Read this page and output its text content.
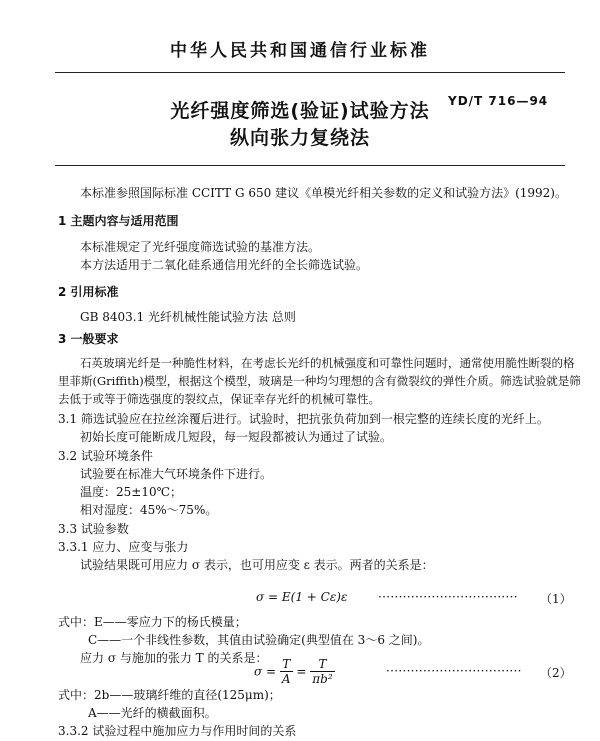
中华人民共和国通信行业标准
光纤强度筛选(验证)试验方法
纵向张力复绕法
YD/T 716—94
本标准参照国际标准 CCITT G 650 建议《单模光纤相关参数的定义和试验方法》(1992)。
1 主题内容与适用范围
本标准规定了光纤强度筛选试验的基准方法。
本方法适用于二氧化硅系通信用光纤的全长筛选试验。
2 引用标准
GB 8403.1 光纤机械性能试验方法 总则
3 一般要求
石英玻璃光纤是一种脆性材料，在考虑长光纤的机械强度和可靠性问题时，通常使用脆性断裂的格
里菲斯(Griffith)模型，根据这个模型，玻璃是一种均匀理想的含有微裂纹的弹性介质。筛选试验就是筛
去低于或等于筛选强度的裂纹点，保证幸存光纤的机械可靠性。
3.1 筛选试验应在拉丝涂覆后进行。试验时，把抗张负荷加到一根完整的连续长度的光纤上。
初始长度可能断成几短段，每一短段都被认为通过了试验。
3.2 试验环境条件
试验要在标准大气环境条件下进行。
温度：25±10℃；
相对湿度：45%～75%。
3.3 试验参数
3.3.1 应力、应变与张力
试验结果既可用应力 σ 表示，也可用应变 ε 表示。两者的关系是：
σ = E(1 + Cε)ε	·································· （1）
式中：E——零应力下的杨氏模量；
C——一个非线性参数，其值由试验确定(典型值在 3～6 之间)。
应力 σ 与施加的张力 T 的关系是：
$\sigma = \frac{T}{A} = \frac{T}{\text{πb²}}$	································· （2）
式中：2b——玻璃纤维的直径(125μm)；
A——光纤的横截面积。
3.3.2 试验过程中施加应力与作用时间的关系
